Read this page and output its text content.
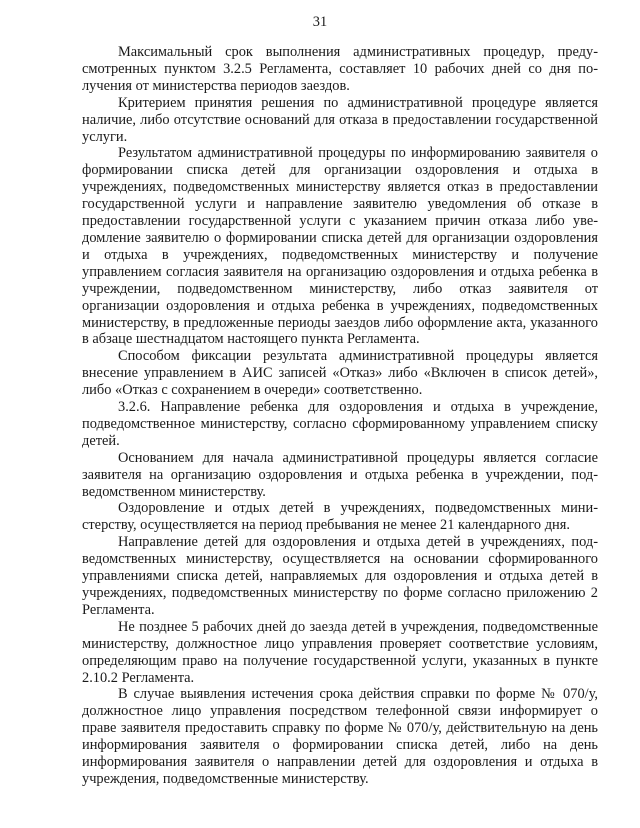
31

Максимальный срок выполнения административных процедур, предусмотренных пунктом 3.2.5 Регламента, составляет 10 рабочих дней со дня получения от министерства периодов заездов.

Критерием принятия решения по административной процедуре является наличие, либо отсутствие оснований для отказа в предоставлении государственной услуги.

Результатом административной процедуры по информированию заявителя о формировании списка детей для организации оздоровления и отдыха в учреждениях, подведомственных министерству является отказ в предоставлении государственной услуги и направление заявителю уведомления об отказе в предоставлении государственной услуги с указанием причин отказа либо уведомление заявителю о формировании списка детей для организации оздоровления и отдыха в учреждениях, подведомственных министерству и получение управлением согласия заявителя на организацию оздоровления и отдыха ребенка в учреждении, подведомственном министерству, либо отказ заявителя от организации оздоровления и отдыха ребенка в учреждениях, подведомственных министерству, в предложенные периоды заездов либо оформление акта, указанного в абзаце шестнадцатом настоящего пункта Регламента.

Способом фиксации результата административной процедуры является внесение управлением в АИС записей «Отказ» либо «Включен в список детей», либо «Отказ с сохранением в очереди» соответственно.

3.2.6. Направление ребенка для оздоровления и отдыха в учреждение, подведомственное министерству, согласно сформированному управлением списку детей.

Основанием для начала административной процедуры является согласие заявителя на организацию оздоровления и отдыха ребенка в учреждении, подведомственном министерству.

Оздоровление и отдых детей в учреждениях, подведомственных министерству, осуществляется на период пребывания не менее 21 календарного дня.

Направление детей для оздоровления и отдыха детей в учреждениях, подведомственных министерству, осуществляется на основании сформированного управлениями списка детей, направляемых для оздоровления и отдыха детей в учреждениях, подведомственных министерству по форме согласно приложению 2 Регламента.

Не позднее 5 рабочих дней до заезда детей в учреждения, подведомственные министерству, должностное лицо управления проверяет соответствие условиям, определяющим право на получение государственной услуги, указанных в пункте 2.10.2 Регламента.

В случае выявления истечения срока действия справки по форме № 070/у, должностное лицо управления посредством телефонной связи информирует о праве заявителя предоставить справку по форме № 070/у, действительную на день информирования заявителя о формировании списка детей, либо на день информирования заявителя о направлении детей для оздоровления и отдыха в учреждения, подведомственные министерству.
